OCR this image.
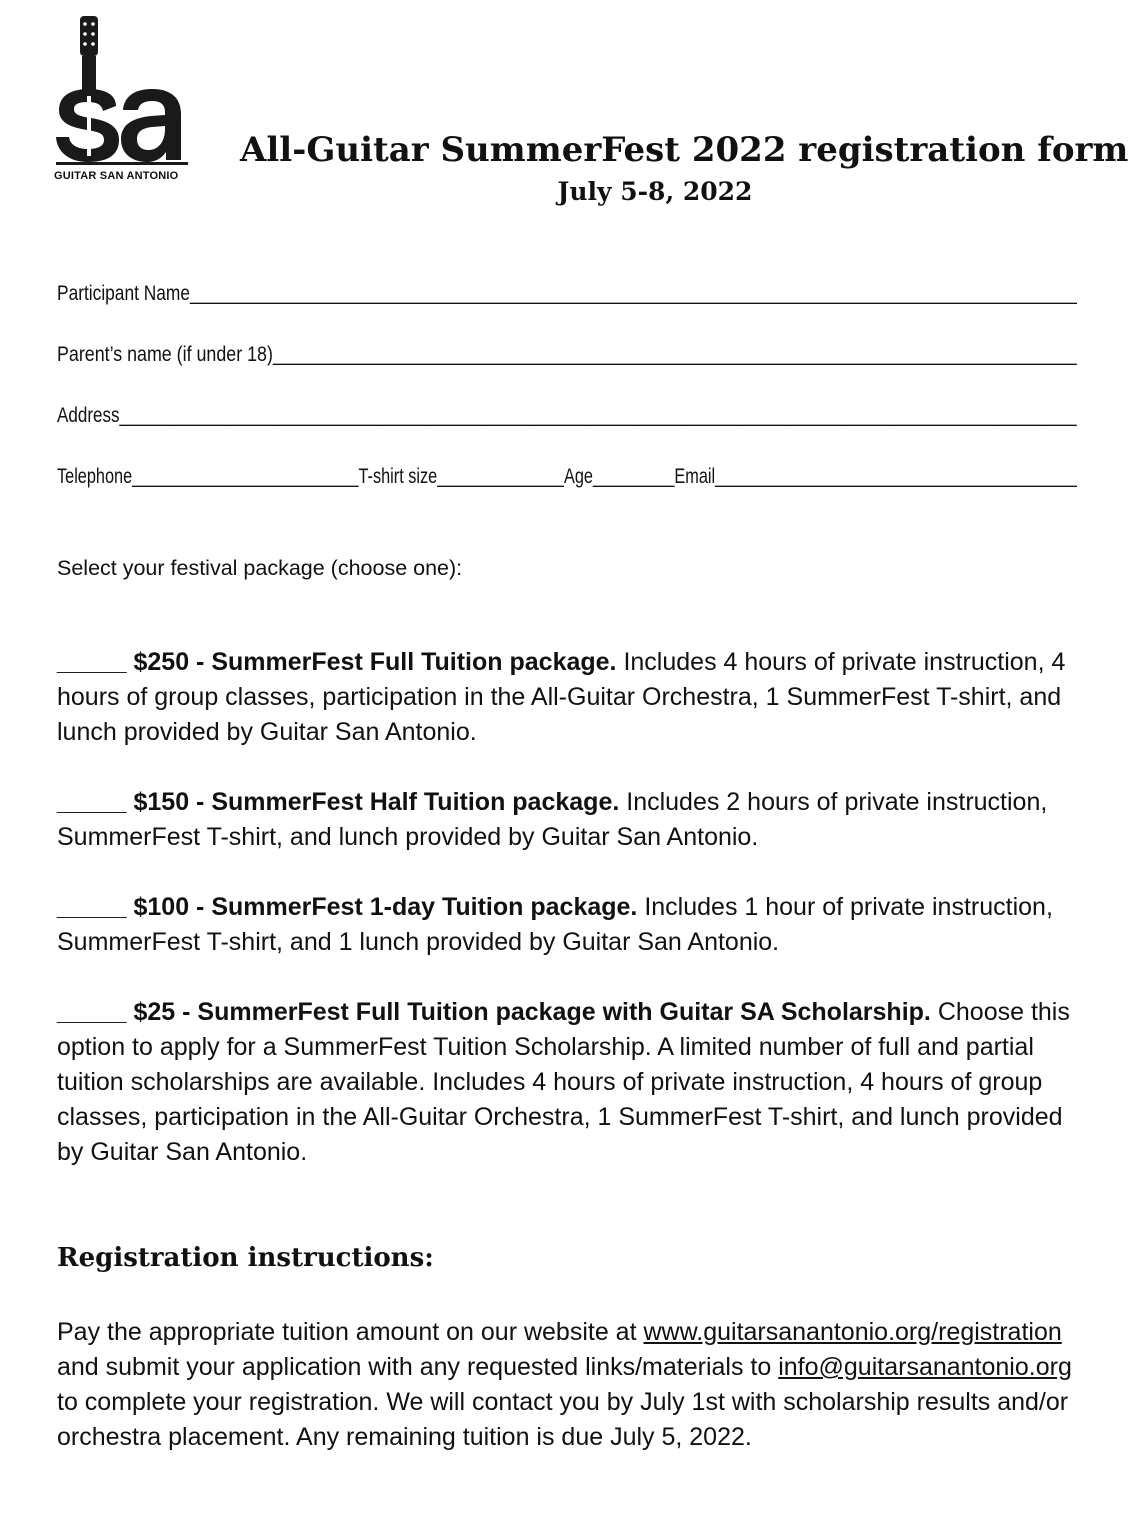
GUITAR SAN ANTONIO
All-Guitar SummerFest 2022 registration form
July 5-8, 2022
Participant Name____________________________________________________________________________________________
Parent’s name (if under 18)_________________________________________________________________________________
Address_____________________________________________________________________________________________________
Telephone_________________________T-shirt size______________Age_________Email________________________________________
Select your festival package (choose one):
_____ $250 - SummerFest Full Tuition package. Includes 4 hours of private instruction, 4 hours of group classes, participation in the All-Guitar Orchestra, 1 SummerFest T-shirt, and lunch provided by Guitar San Antonio.
_____ $150 - SummerFest Half Tuition package. Includes 2 hours of private instruction, SummerFest T-shirt, and lunch provided by Guitar San Antonio.
_____ $100 - SummerFest 1-day Tuition package. Includes 1 hour of private instruction, SummerFest T-shirt, and 1 lunch provided by Guitar San Antonio.
_____ $25 - SummerFest Full Tuition package with Guitar SA Scholarship. Choose this option to apply for a SummerFest Tuition Scholarship. A limited number of full and partial tuition scholarships are available. Includes 4 hours of private instruction, 4 hours of group classes, participation in the All-Guitar Orchestra, 1 SummerFest T-shirt, and lunch provided by Guitar San Antonio.
Registration instructions:
Pay the appropriate tuition amount on our website at www.guitarsanantonio.org/registration and submit your application with any requested links/materials to info@guitarsanantonio.org to complete your registration. We will contact you by July 1st with scholarship results and/or orchestra placement. Any remaining tuition is due July 5, 2022.
